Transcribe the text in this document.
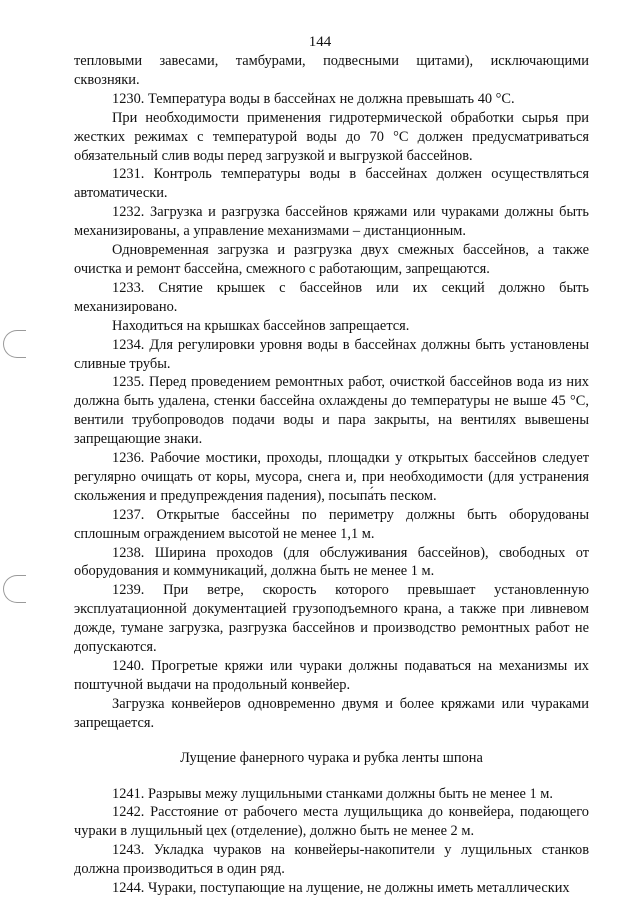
144

тепловыми завесами, тамбурами, подвесными щитами), исключающими сквозняки.

1230. Температура воды в бассейнах не должна превышать 40 °С.

При необходимости применения гидротермической обработки сырья при жестких режимах с температурой воды до 70 °С должен предусматриваться обязательный слив воды перед загрузкой и выгрузкой бассейнов.

1231. Контроль температуры воды в бассейнах должен осуществляться автоматически.

1232. Загрузка и разгрузка бассейнов кряжами или чураками должны быть механизированы, а управление механизмами – дистанционным.

Одновременная загрузка и разгрузка двух смежных бассейнов, а также очистка и ремонт бассейна, смежного с работающим, запрещаются.

1233. Снятие крышек с бассейнов или их секций должно быть механизировано.

Находиться на крышках бассейнов запрещается.

1234. Для регулировки уровня воды в бассейнах должны быть установлены сливные трубы.

1235. Перед проведением ремонтных работ, очисткой бассейнов вода из них должна быть удалена, стенки бассейна охлаждены до температуры не выше 45 °С, вентили трубопроводов подачи воды и пара закрыты, на вентилях вывешены запрещающие знаки.

1236. Рабочие мостики, проходы, площадки у открытых бассейнов следует регулярно очищать от коры, мусора, снега и, при необходимости (для устранения скольжения и предупреждения падения), посыпа́ть песком.

1237. Открытые бассейны по периметру должны быть оборудованы сплошным ограждением высотой не менее 1,1 м.

1238. Ширина проходов (для обслуживания бассейнов), свободных от оборудования и коммуникаций, должна быть не менее 1 м.

1239. При ветре, скорость которого превышает установленную эксплуатационной документацией грузоподъемного крана, а также при ливневом дожде, тумане загрузка, разгрузка бассейнов и производство ремонтных работ не допускаются.

1240. Прогретые кряжи или чураки должны подаваться на механизмы их поштучной выдачи на продольный конвейер.

Загрузка конвейеров одновременно двумя и более кряжами или чураками запрещается.

Лущение фанерного чурака и рубка ленты шпона

1241. Разрывы межу лущильными станками должны быть не менее 1 м.

1242. Расстояние от рабочего места лущильщика до конвейера, подающего чураки в лущильный цех (отделение), должно быть не менее 2 м.

1243. Укладка чураков на конвейеры-накопители у лущильных станков должна производиться в один ряд.

1244. Чураки, поступающие на лущение, не должны иметь металлических
